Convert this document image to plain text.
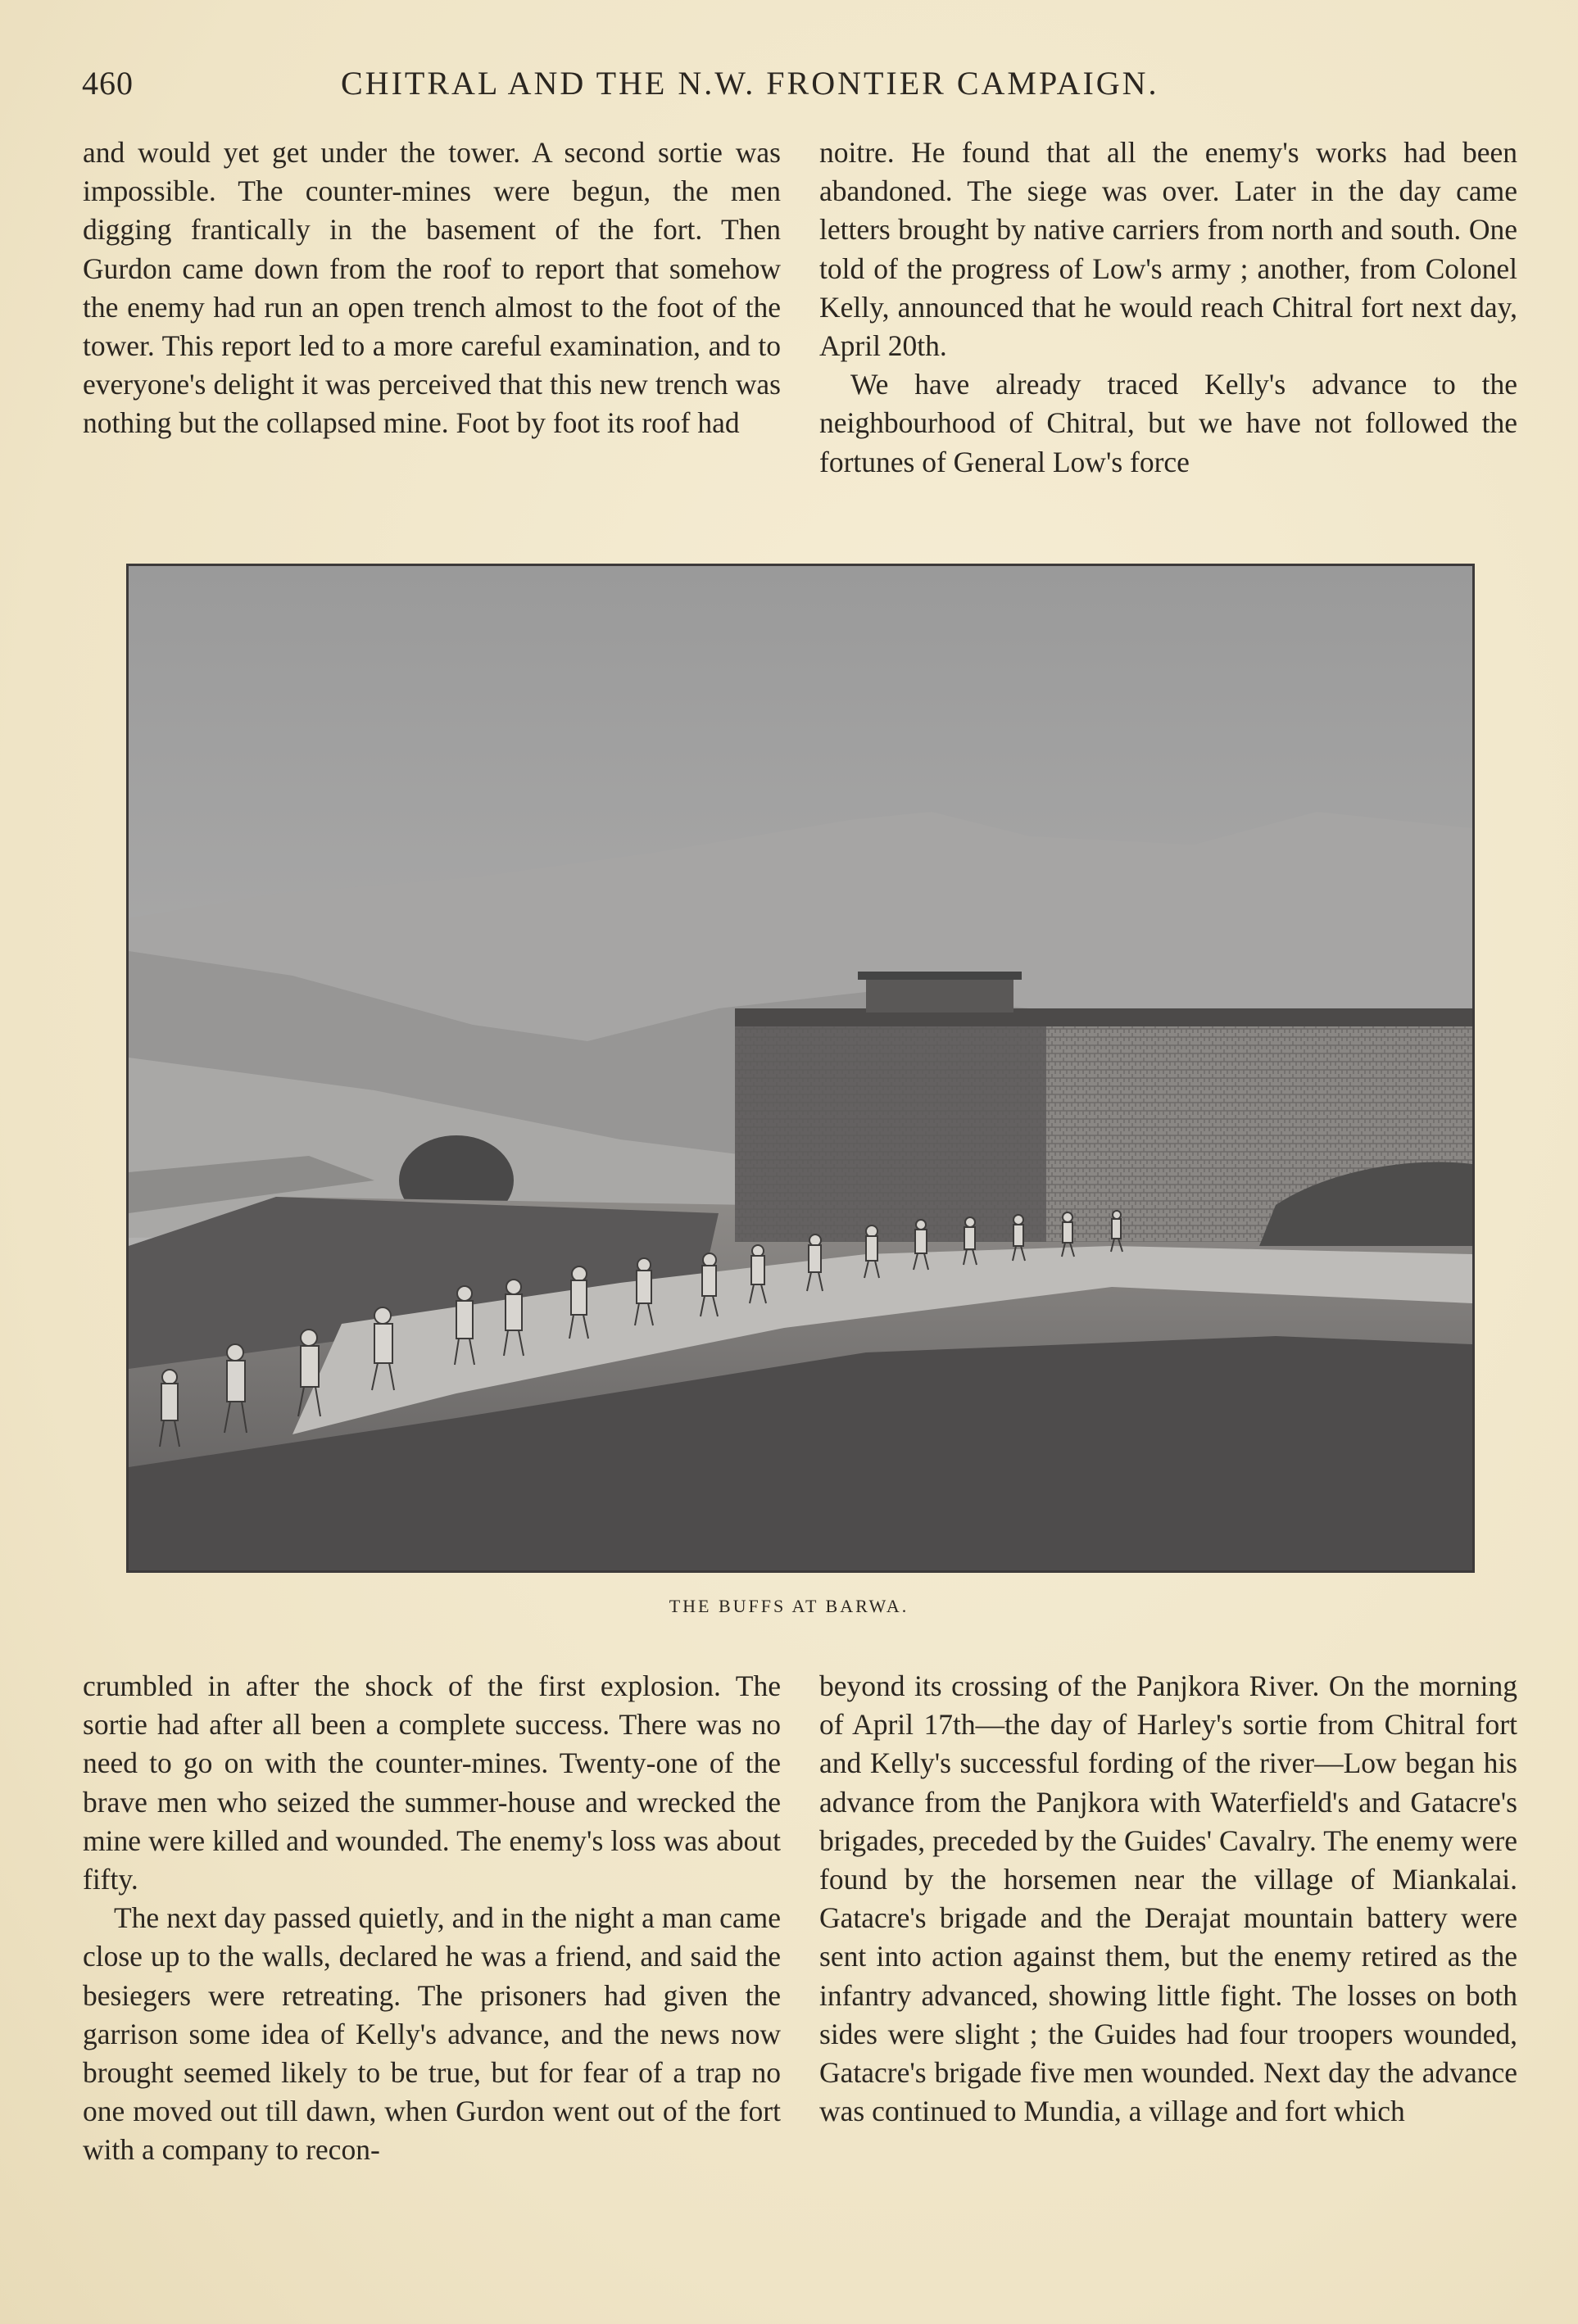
460	CHITRAL AND THE N.W. FRONTIER CAMPAIGN.

and would yet get under the tower. A second sortie was impossible. The counter-mines were begun, the men digging frantically in the basement of the fort. Then Gurdon came down from the roof to report that somehow the enemy had run an open trench almost to the foot of the tower. This report led to a more careful examination, and to everyone's delight it was perceived that this new trench was nothing but the collapsed mine. Foot by foot its roof had

noitre. He found that all the enemy's works had been abandoned. The siege was over. Later in the day came letters brought by native carriers from north and south. One told of the progress of Low's army ; another, from Colonel Kelly, announced that he would reach Chitral fort next day, April 20th.

We have already traced Kelly's advance to the neighbourhood of Chitral, but we have not followed the fortunes of General Low's force

THE BUFFS AT BARWA.

crumbled in after the shock of the first explosion. The sortie had after all been a complete success. There was no need to go on with the counter-mines. Twenty-one of the brave men who seized the summer-house and wrecked the mine were killed and wounded. The enemy's loss was about fifty.

The next day passed quietly, and in the night a man came close up to the walls, declared he was a friend, and said the besiegers were retreating. The prisoners had given the garrison some idea of Kelly's advance, and the news now brought seemed likely to be true, but for fear of a trap no one moved out till dawn, when Gurdon went out of the fort with a company to recon-

beyond its crossing of the Panjkora River. On the morning of April 17th—the day of Harley's sortie from Chitral fort and Kelly's successful fording of the river—Low began his advance from the Panjkora with Waterfield's and Gatacre's brigades, preceded by the Guides' Cavalry. The enemy were found by the horsemen near the village of Miankalai. Gatacre's brigade and the Derajat mountain battery were sent into action against them, but the enemy retired as the infantry advanced, showing little fight. The losses on both sides were slight ; the Guides had four troopers wounded, Gatacre's brigade five men wounded. Next day the advance was continued to Mundia, a village and fort which
